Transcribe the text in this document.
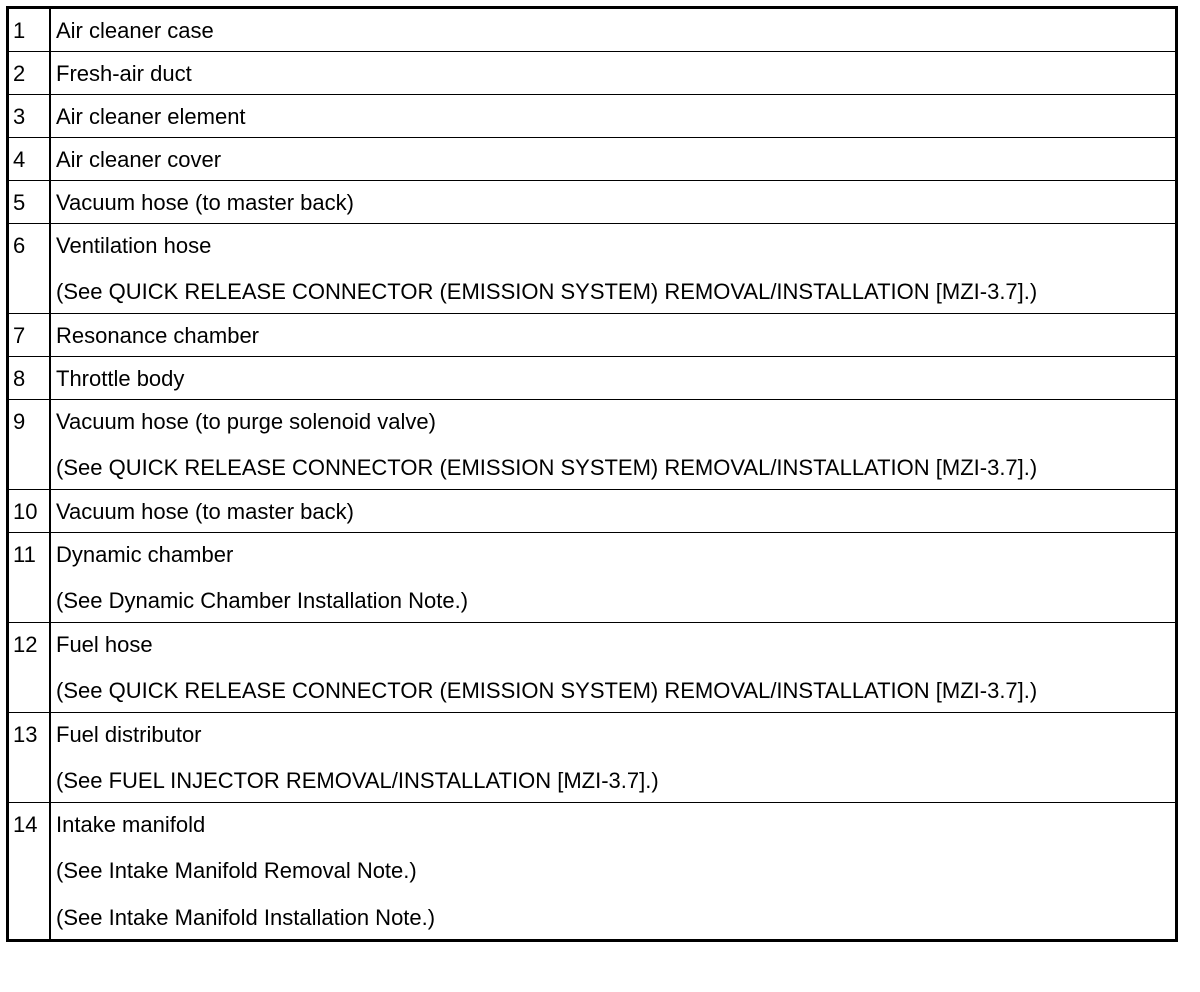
1	Air cleaner case

2	Fresh-air duct

3	Air cleaner element

4	Air cleaner cover

5	Vacuum hose (to master back)

6	Ventilation hose
(See QUICK RELEASE CONNECTOR (EMISSION SYSTEM) REMOVAL/INSTALLATION [MZI-3.7].)

7	Resonance chamber

8	Throttle body

9	Vacuum hose (to purge solenoid valve)
(See QUICK RELEASE CONNECTOR (EMISSION SYSTEM) REMOVAL/INSTALLATION [MZI-3.7].)

10	Vacuum hose (to master back)

11	Dynamic chamber
(See Dynamic Chamber Installation Note.)

12	Fuel hose
(See QUICK RELEASE CONNECTOR (EMISSION SYSTEM) REMOVAL/INSTALLATION [MZI-3.7].)

13	Fuel distributor
(See FUEL INJECTOR REMOVAL/INSTALLATION [MZI-3.7].)

14	Intake manifold
(See Intake Manifold Removal Note.)
(See Intake Manifold Installation Note.)
